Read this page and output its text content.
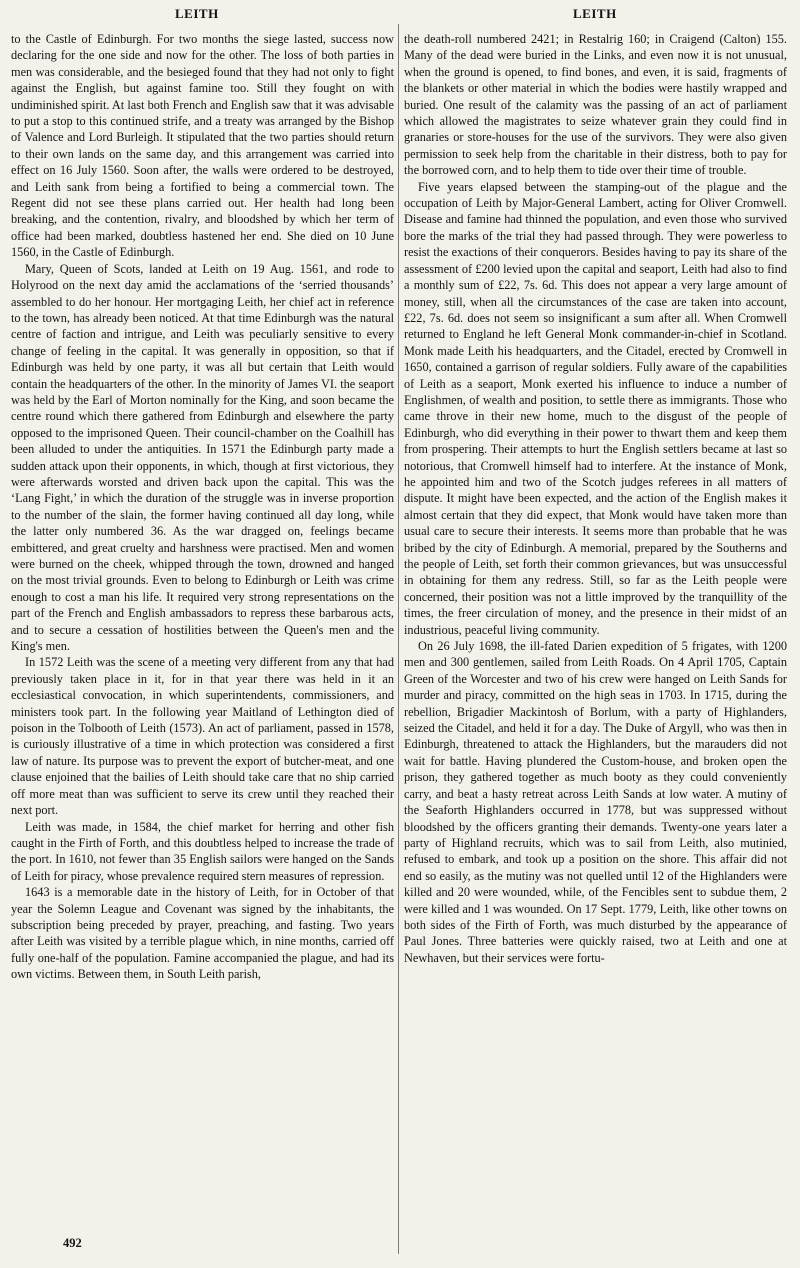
LEITH	LEITH

to the Castle of Edinburgh. For two months the siege lasted, success now declaring for the one side and now for the other. The loss of both parties in men was considerable, and the besieged found that they had not only to fight against the English, but against famine too. Still they fought on with undiminished spirit. At last both French and English saw that it was advisable to put a stop to this continued strife, and a treaty was arranged by the Bishop of Valence and Lord Burleigh. It stipulated that the two parties should return to their own lands on the same day, and this arrangement was carried into effect on 16 July 1560. Soon after, the walls were ordered to be destroyed, and Leith sank from being a fortified to being a commercial town. The Regent did not see these plans carried out. Her health had long been breaking, and the contention, rivalry, and bloodshed by which her term of office had been marked, doubtless hastened her end. She died on 10 June 1560, in the Castle of Edinburgh.

Mary, Queen of Scots, landed at Leith on 19 Aug. 1561, and rode to Holyrood on the next day amid the acclamations of the ‘serried thousands’ assembled to do her honour. Her mortgaging Leith, her chief act in reference to the town, has already been noticed. At that time Edinburgh was the natural centre of faction and intrigue, and Leith was peculiarly sensitive to every change of feeling in the capital. It was generally in opposition, so that if Edinburgh was held by one party, it was all but certain that Leith would contain the headquarters of the other. In the minority of James VI. the seaport was held by the Earl of Morton nominally for the King, and soon became the centre round which there gathered from Edinburgh and elsewhere the party opposed to the imprisoned Queen. Their council-chamber on the Coalhill has been alluded to under the antiquities. In 1571 the Edinburgh party made a sudden attack upon their opponents, in which, though at first victorious, they were afterwards worsted and driven back upon the capital. This was the ‘Lang Fight,’ in which the duration of the struggle was in inverse proportion to the number of the slain, the former having continued all day long, while the latter only numbered 36. As the war dragged on, feelings became embittered, and great cruelty and harshness were practised. Men and women were burned on the cheek, whipped through the town, drowned and hanged on the most trivial grounds. Even to belong to Edinburgh or Leith was crime enough to cost a man his life. It required very strong representations on the part of the French and English ambassadors to repress these barbarous acts, and to secure a cessation of hostilities between the Queen's men and the King's men.

In 1572 Leith was the scene of a meeting very different from any that had previously taken place in it, for in that year there was held in it an ecclesiastical convocation, in which superintendents, commissioners, and ministers took part. In the following year Maitland of Lethington died of poison in the Tolbooth of Leith (1573). An act of parliament, passed in 1578, is curiously illustrative of a time in which protection was considered a first law of nature. Its purpose was to prevent the export of butcher-meat, and one clause enjoined that the bailies of Leith should take care that no ship carried off more meat than was sufficient to serve its crew until they reached their next port.

Leith was made, in 1584, the chief market for herring and other fish caught in the Firth of Forth, and this doubtless helped to increase the trade of the port. In 1610, not fewer than 35 English sailors were hanged on the Sands of Leith for piracy, whose prevalence required stern measures of repression.

1643 is a memorable date in the history of Leith, for in October of that year the Solemn League and Covenant was signed by the inhabitants, the subscription being preceded by prayer, preaching, and fasting. Two years after Leith was visited by a terrible plague which, in nine months, carried off fully one-half of the population. Famine accompanied the plague, and had its own victims. Between them, in South Leith parish,

the death-roll numbered 2421; in Restalrig 160; in Craigend (Calton) 155. Many of the dead were buried in the Links, and even now it is not unusual, when the ground is opened, to find bones, and even, it is said, fragments of the blankets or other material in which the bodies were hastily wrapped and buried. One result of the calamity was the passing of an act of parliament which allowed the magistrates to seize whatever grain they could find in granaries or store-houses for the use of the survivors. They were also given permission to seek help from the charitable in their distress, both to pay for the borrowed corn, and to help them to tide over their time of trouble.

Five years elapsed between the stamping-out of the plague and the occupation of Leith by Major-General Lambert, acting for Oliver Cromwell. Disease and famine had thinned the population, and even those who survived bore the marks of the trial they had passed through. They were powerless to resist the exactions of their conquerors. Besides having to pay its share of the assessment of £200 levied upon the capital and seaport, Leith had also to find a monthly sum of £22, 7s. 6d. This does not appear a very large amount of money, still, when all the circumstances of the case are taken into account, £22, 7s. 6d. does not seem so insignificant a sum after all. When Cromwell returned to England he left General Monk commander-in-chief in Scotland. Monk made Leith his headquarters, and the Citadel, erected by Cromwell in 1650, contained a garrison of regular soldiers. Fully aware of the capabilities of Leith as a seaport, Monk exerted his influence to induce a number of Englishmen, of wealth and position, to settle there as immigrants. Those who came throve in their new home, much to the disgust of the people of Edinburgh, who did everything in their power to thwart them and keep them from prospering. Their attempts to hurt the English settlers became at last so notorious, that Cromwell himself had to interfere. At the instance of Monk, he appointed him and two of the Scotch judges referees in all matters of dispute. It might have been expected, and the action of the English makes it almost certain that they did expect, that Monk would have taken more than usual care to secure their interests. It seems more than probable that he was bribed by the city of Edinburgh. A memorial, prepared by the Southerns and the people of Leith, set forth their common grievances, but was unsuccessful in obtaining for them any redress. Still, so far as the Leith people were concerned, their position was not a little improved by the tranquillity of the times, the freer circulation of money, and the presence in their midst of an industrious, peaceful living community.

On 26 July 1698, the ill-fated Darien expedition of 5 frigates, with 1200 men and 300 gentlemen, sailed from Leith Roads. On 4 April 1705, Captain Green of the Worcester and two of his crew were hanged on Leith Sands for murder and piracy, committed on the high seas in 1703. In 1715, during the rebellion, Brigadier Mackintosh of Borlum, with a party of Highlanders, seized the Citadel, and held it for a day. The Duke of Argyll, who was then in Edinburgh, threatened to attack the Highlanders, but the marauders did not wait for battle. Having plundered the Custom-house, and broken open the prison, they gathered together as much booty as they could conveniently carry, and beat a hasty retreat across Leith Sands at low water. A mutiny of the Seaforth Highlanders occurred in 1778, but was suppressed without bloodshed by the officers granting their demands. Twenty-one years later a party of Highland recruits, which was to sail from Leith, also mutinied, refused to embark, and took up a position on the shore. This affair did not end so easily, as the mutiny was not quelled until 12 of the Highlanders were killed and 20 were wounded, while, of the Fencibles sent to subdue them, 2 were killed and 1 was wounded. On 17 Sept. 1779, Leith, like other towns on both sides of the Firth of Forth, was much disturbed by the appearance of Paul Jones. Three batteries were quickly raised, two at Leith and one at Newhaven, but their services were fortu-

492
